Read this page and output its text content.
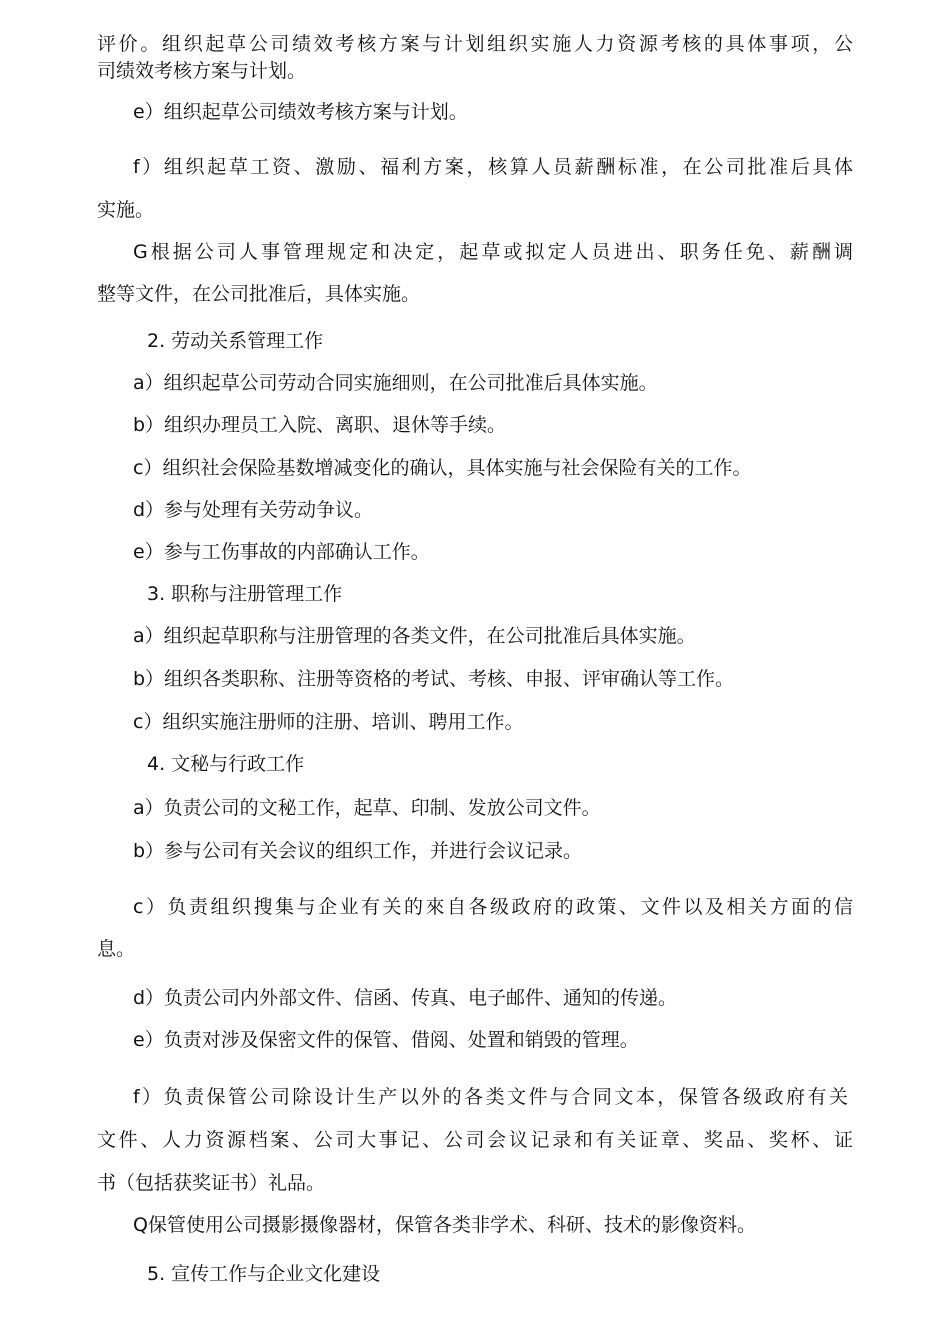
评价。组织起草公司绩效考核方案与计划组织实施人力资源考核的具体事项，公
司绩效考核方案与计划。
e）组织起草公司绩效考核方案与计划。
f）组织起草工资、激励、福利方案，核算人员薪酬标准，在公司批准后具体
实施。
G根据公司人事管理规定和决定，起草或拟定人员进出、职务任免、薪酬调
整等文件，在公司批准后，具体实施。
2. 劳动关系管理工作
a）组织起草公司劳动合同实施细则，在公司批准后具体实施。
b）组织办理员工入院、离职、退休等手续。
c）组织社会保险基数增减变化的确认，具体实施与社会保险有关的工作。
d）参与处理有关劳动争议。
e）参与工伤事故的内部确认工作。
3. 职称与注册管理工作
a）组织起草职称与注册管理的各类文件，在公司批准后具体实施。
b）组织各类职称、注册等资格的考试、考核、申报、评审确认等工作。
c）组织实施注册师的注册、培训、聘用工作。
4. 文秘与行政工作
a）负责公司的文秘工作，起草、印制、发放公司文件。
b）参与公司有关会议的组织工作，并进行会议记录。
c）负责组织搜集与企业有关的來自各级政府的政策、文件以及相关方面的信
息。
d）负责公司内外部文件、信函、传真、电子邮件、通知的传递。
e）负责对涉及保密文件的保管、借阅、处置和销毁的管理。
f）负责保管公司除设计生产以外的各类文件与合同文本，保管各级政府有关
文件、人力资源档案、公司大事记、公司会议记录和有关证章、奖品、奖杯、证
书（包括获奖证书）礼品。
Q保管使用公司摄影摄像器材，保管各类非学术、科研、技术的影像资料。
5. 宣传工作与企业文化建设
